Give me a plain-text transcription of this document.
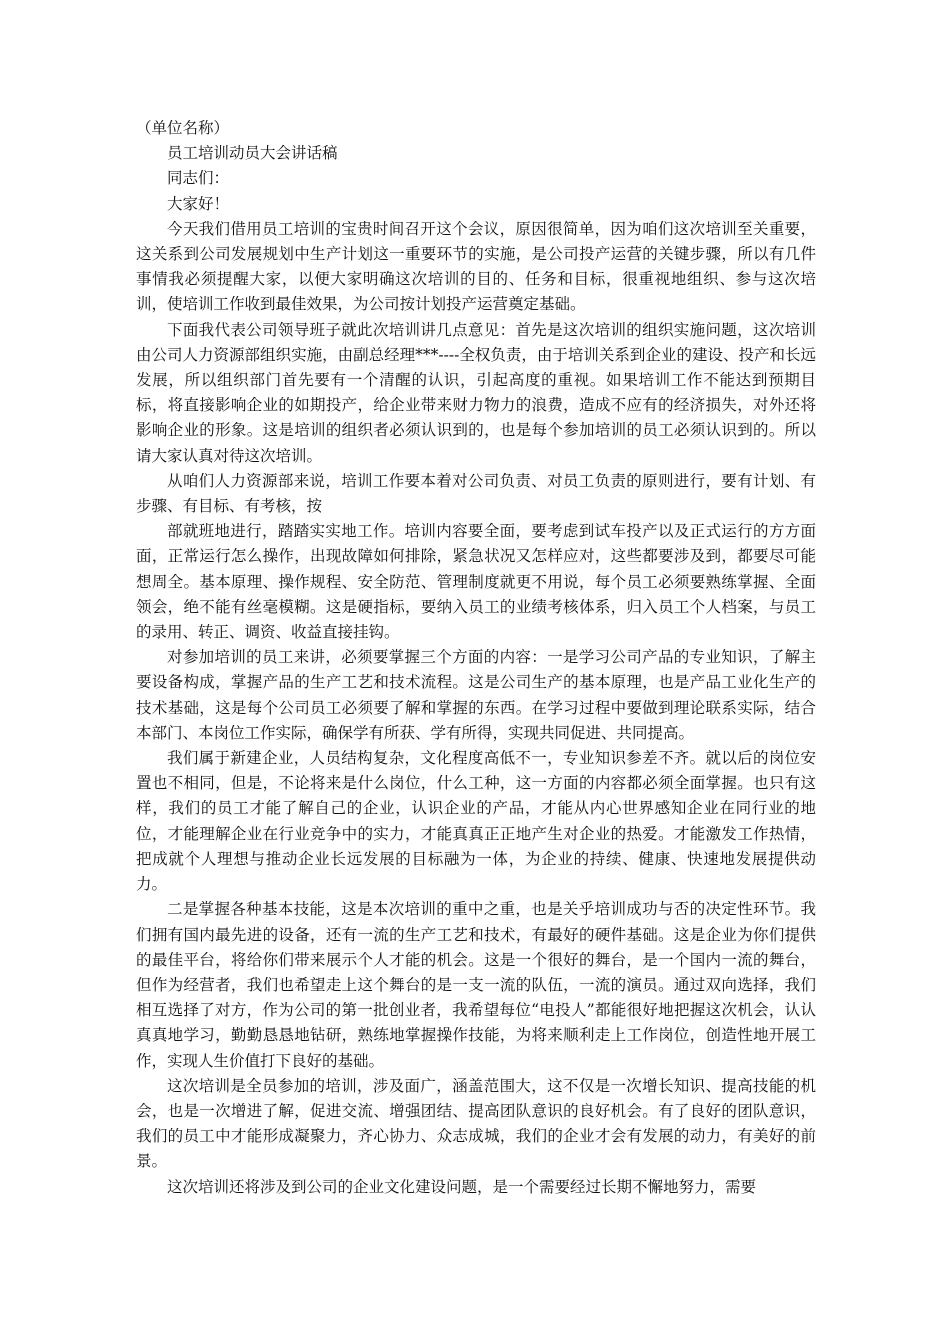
（单位名称）

员工培训动员大会讲话稿

同志们：

大家好！

今天我们借用员工培训的宝贵时间召开这个会议，原因很简单，因为咱们这次培训至关重要，这关系到公司发展规划中生产计划这一重要环节的实施，是公司投产运营的关键步骤，所以有几件事情我必须提醒大家，以便大家明确这次培训的目的、任务和目标，很重视地组织、参与这次培训，使培训工作收到最佳效果，为公司按计划投产运营奠定基础。

下面我代表公司领导班子就此次培训讲几点意见：首先是这次培训的组织实施问题，这次培训由公司人力资源部组织实施，由副总经理***----全权负责，由于培训关系到企业的建设、投产和长远发展，所以组织部门首先要有一个清醒的认识，引起高度的重视。如果培训工作不能达到预期目标，将直接影响企业的如期投产，给企业带来财力物力的浪费，造成不应有的经济损失，对外还将影响企业的形象。这是培训的组织者必须认识到的，也是每个参加培训的员工必须认识到的。所以请大家认真对待这次培训。

从咱们人力资源部来说，培训工作要本着对公司负责、对员工负责的原则进行，要有计划、有步骤、有目标、有考核，按

部就班地进行，踏踏实实地工作。培训内容要全面，要考虑到试车投产以及正式运行的方方面面，正常运行怎么操作，出现故障如何排除，紧急状况又怎样应对，这些都要涉及到，都要尽可能想周全。基本原理、操作规程、安全防范、管理制度就更不用说，每个员工必须要熟练掌握、全面领会，绝不能有丝毫模糊。这是硬指标，要纳入员工的业绩考核体系，归入员工个人档案，与员工的录用、转正、调资、收益直接挂钩。

对参加培训的员工来讲，必须要掌握三个方面的内容：一是学习公司产品的专业知识，了解主要设备构成，掌握产品的生产工艺和技术流程。这是公司生产的基本原理，也是产品工业化生产的技术基础，这是每个公司员工必须要了解和掌握的东西。在学习过程中要做到理论联系实际，结合本部门、本岗位工作实际，确保学有所获、学有所得，实现共同促进、共同提高。

我们属于新建企业，人员结构复杂，文化程度高低不一，专业知识参差不齐。就以后的岗位安置也不相同，但是，不论将来是什么岗位，什么工种，这一方面的内容都必须全面掌握。也只有这样，我们的员工才能了解自己的企业，认识企业的产品，才能从内心世界感知企业在同行业的地位，才能理解企业在行业竞争中的实力，才能真真正正地产生对企业的热爱。才能激发工作热情，把成就个人理想与推动企业长远发展的目标融为一体，为企业的持续、健康、快速地发展提供动力。

二是掌握各种基本技能，这是本次培训的重中之重，也是关乎培训成功与否的决定性环节。我们拥有国内最先进的设备，还有一流的生产工艺和技术，有最好的硬件基础。这是企业为你们提供的最佳平台，将给你们带来展示个人才能的机会。这是一个很好的舞台，是一个国内一流的舞台，但作为经营者，我们也希望走上这个舞台的是一支一流的队伍，一流的演员。通过双向选择，我们相互选择了对方，作为公司的第一批创业者，我希望每位“电投人”都能很好地把握这次机会，认认真真地学习，勤勤恳恳地钻研，熟练地掌握操作技能，为将来顺利走上工作岗位，创造性地开展工作，实现人生价值打下良好的基础。

这次培训是全员参加的培训，涉及面广，涵盖范围大，这不仅是一次增长知识、提高技能的机会，也是一次增进了解，促进交流、增强团结、提高团队意识的良好机会。有了良好的团队意识，我们的员工中才能形成凝聚力，齐心协力、众志成城，我们的企业才会有发展的动力，有美好的前景。

这次培训还将涉及到公司的企业文化建设问题，是一个需要经过长期不懈地努力，需要
